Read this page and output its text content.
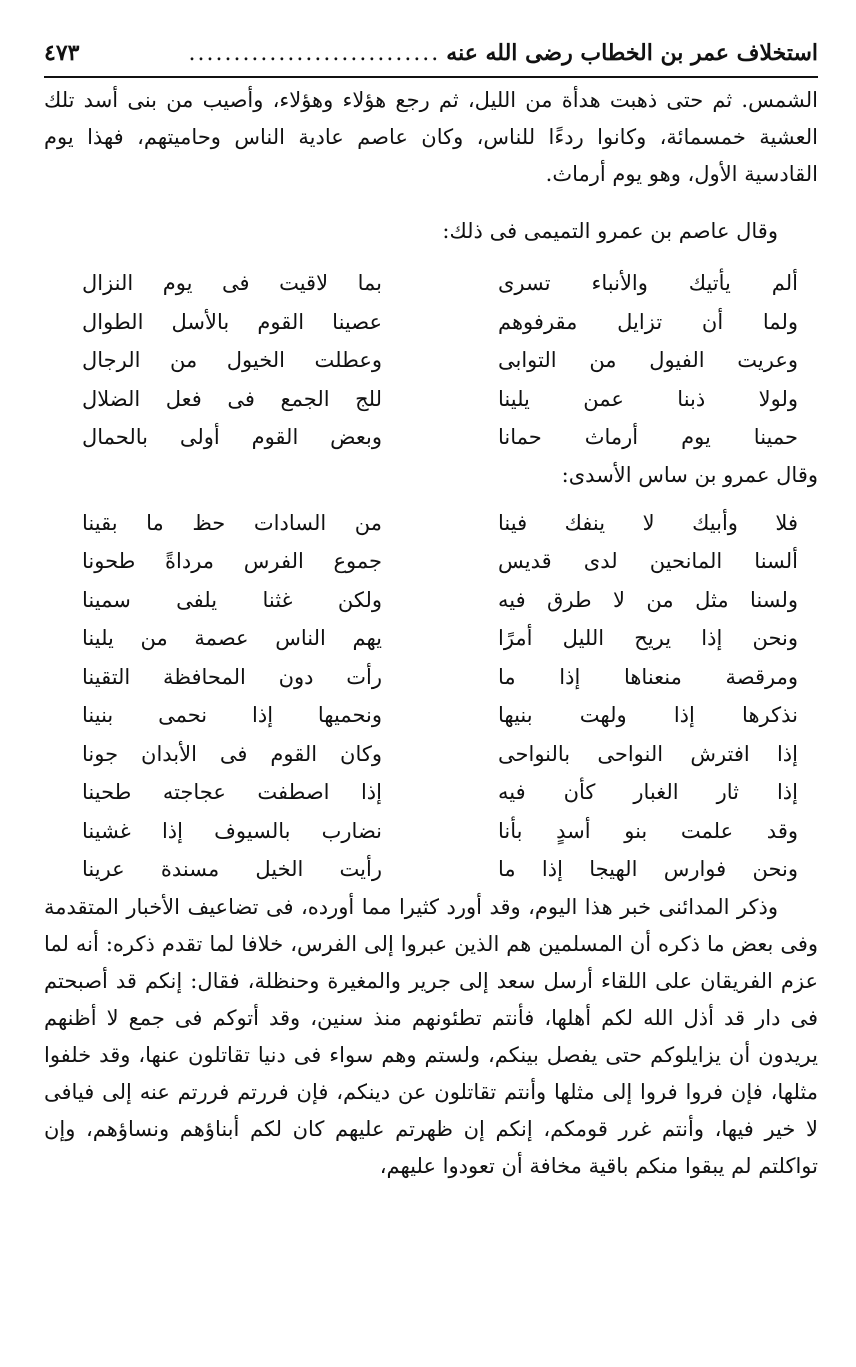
استخلاف عمر بن الخطاب رضى الله عنه
............................
٤٧٣

الشمس. ثم حتى ذهبت هدأة من الليل، ثم رجع هؤلاء وهؤلاء، وأصيب من بنى أسد تلك العشية خمسمائة، وكانوا ردءًا للناس، وكان عاصم عادية الناس وحاميتهم، فهذا يوم القادسية الأول، وهو يوم أرماث.

وقال عاصم بن عمرو التميمى فى ذلك:
ألم يأتيك والأنباء تسرى
بما لاقيت فى يوم النزال
ولما أن تزايل مقرفوهم
عصينا القوم بالأسل الطوال
وعريت الفيول من التوابى
وعطلت الخيول من الرجال
ولولا ذبنا عمن يلينا
للج الجمع فى فعل الضلال
حمينا يوم أرماث حمانا
وبعض القوم أولى بالحمال
وقال عمرو بن ساس الأسدى:
فلا وأبيك لا ينفك فينا
من السادات حظ ما بقينا
ألسنا المانحين لدى قديس
جموع الفرس مرداةً طحونا
ولسنا مثل من لا طرق فيه
ولكن غثنا يلفى سمينا
ونحن إذا يريح الليل أمرًا
يهم الناس عصمة من يلينا
ومرقصة منعناها إذا ما
رأت دون المحافظة التقينا
نذكرها إذا ولهت بنيها
ونحميها إذا نحمى بنينا
إذا افترش النواحى بالنواحى
وكان القوم فى الأبدان جونا
إذا ثار الغبار كأن فيه
إذا اصطفت عجاجته طحينا
وقد علمت بنو أسدٍ بأنا
نضارب بالسيوف إذا غشينا
ونحن فوارس الهيجا إذا ما
رأيت الخيل مسندة عرينا

وذكر المدائنى خبر هذا اليوم، وقد أورد كثيرا مما أورده، فى تضاعيف الأخبار المتقدمة وفى بعض ما ذكره أن المسلمين هم الذين عبروا إلى الفرس، خلافا لما تقدم ذكره: أنه لما عزم الفريقان على اللقاء أرسل سعد إلى جرير والمغيرة وحنظلة، فقال: إنكم قد أصبحتم فى دار قد أذل الله لكم أهلها، فأنتم تطئونهم منذ سنين، وقد أتوكم فى جمع لا أظنهم يريدون أن يزايلوكم حتى يفصل بينكم، ولستم وهم سواء فى دنيا تقاتلون عنها، وقد خلفوا مثلها، فإن فروا فروا إلى مثلها وأنتم تقاتلون عن دينكم، فإن فررتم فررتم عنه إلى فيافى لا خير فيها، وأنتم غرر قومكم، إنكم إن ظهرتم عليهم كان لكم أبناؤهم ونساؤهم، وإن تواكلتم لم يبقوا منكم باقية مخافة أن تعودوا عليهم،
